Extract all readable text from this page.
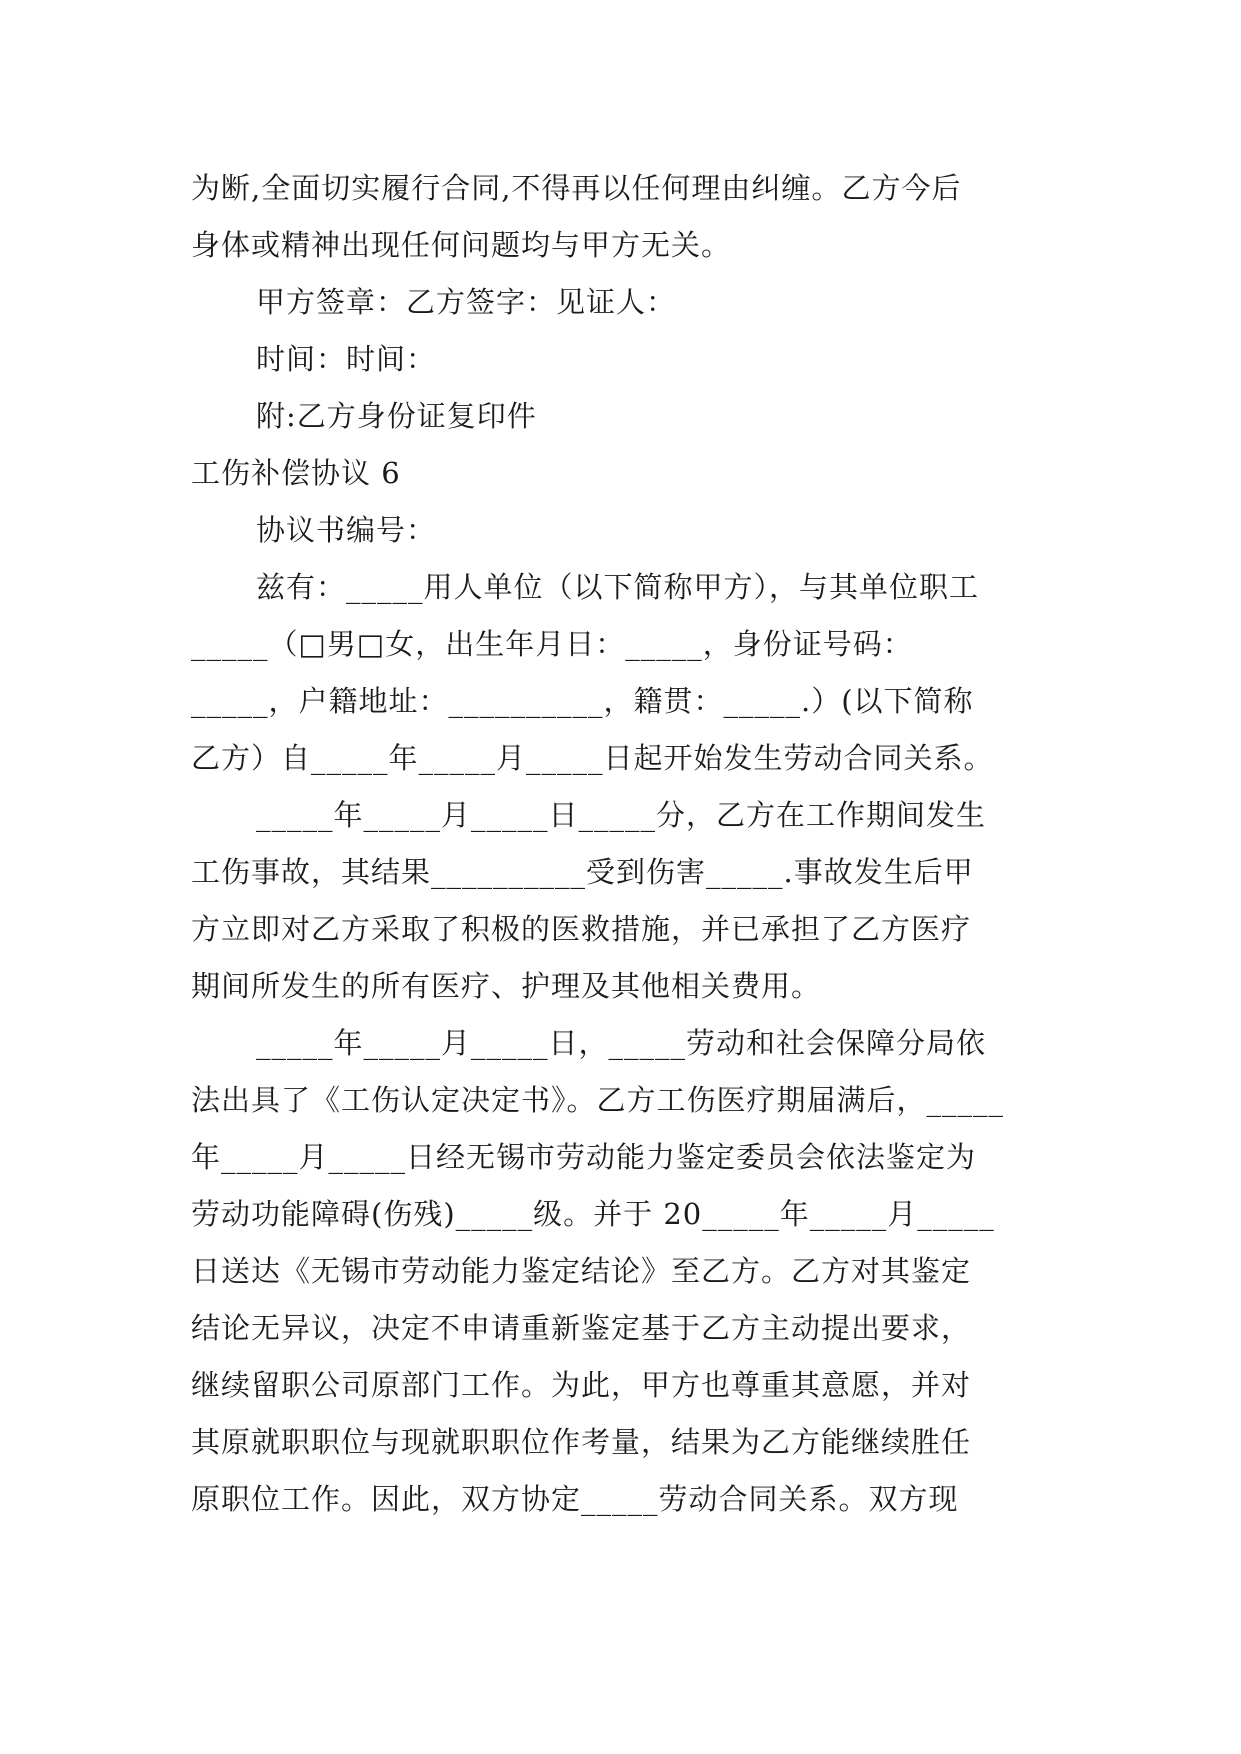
为断,全面切实履行合同,不得再以任何理由纠缠。乙方今后
身体或精神出现任何问题均与甲方无关。
甲方签章：乙方签字：见证人：
时间：时间：
附:乙方身份证复印件
工伤补偿协议 6
协议书编号：
兹有：_____用人单位（以下简称甲方），与其单位职工
_____（□男□女，出生年月日：_____，身份证号码：
_____，户籍地址：__________，籍贯：_____.）(以下简称
乙方）自_____年_____月_____日起开始发生劳动合同关系。
_____年_____月_____日_____分，乙方在工作期间发生
工伤事故，其结果__________受到伤害_____.事故发生后甲
方立即对乙方采取了积极的医救措施，并已承担了乙方医疗
期间所发生的所有医疗、护理及其他相关费用。
_____年_____月_____日，_____劳动和社会保障分局依
法出具了《工伤认定决定书》。乙方工伤医疗期届满后，_____
年_____月_____日经无锡市劳动能力鉴定委员会依法鉴定为
劳动功能障碍(伤残)_____级。并于 20_____年_____月_____
日送达《无锡市劳动能力鉴定结论》至乙方。乙方对其鉴定
结论无异议，决定不申请重新鉴定基于乙方主动提出要求，
继续留职公司原部门工作。为此，甲方也尊重其意愿，并对
其原就职职位与现就职职位作考量，结果为乙方能继续胜任
原职位工作。因此，双方协定_____劳动合同关系。双方现
